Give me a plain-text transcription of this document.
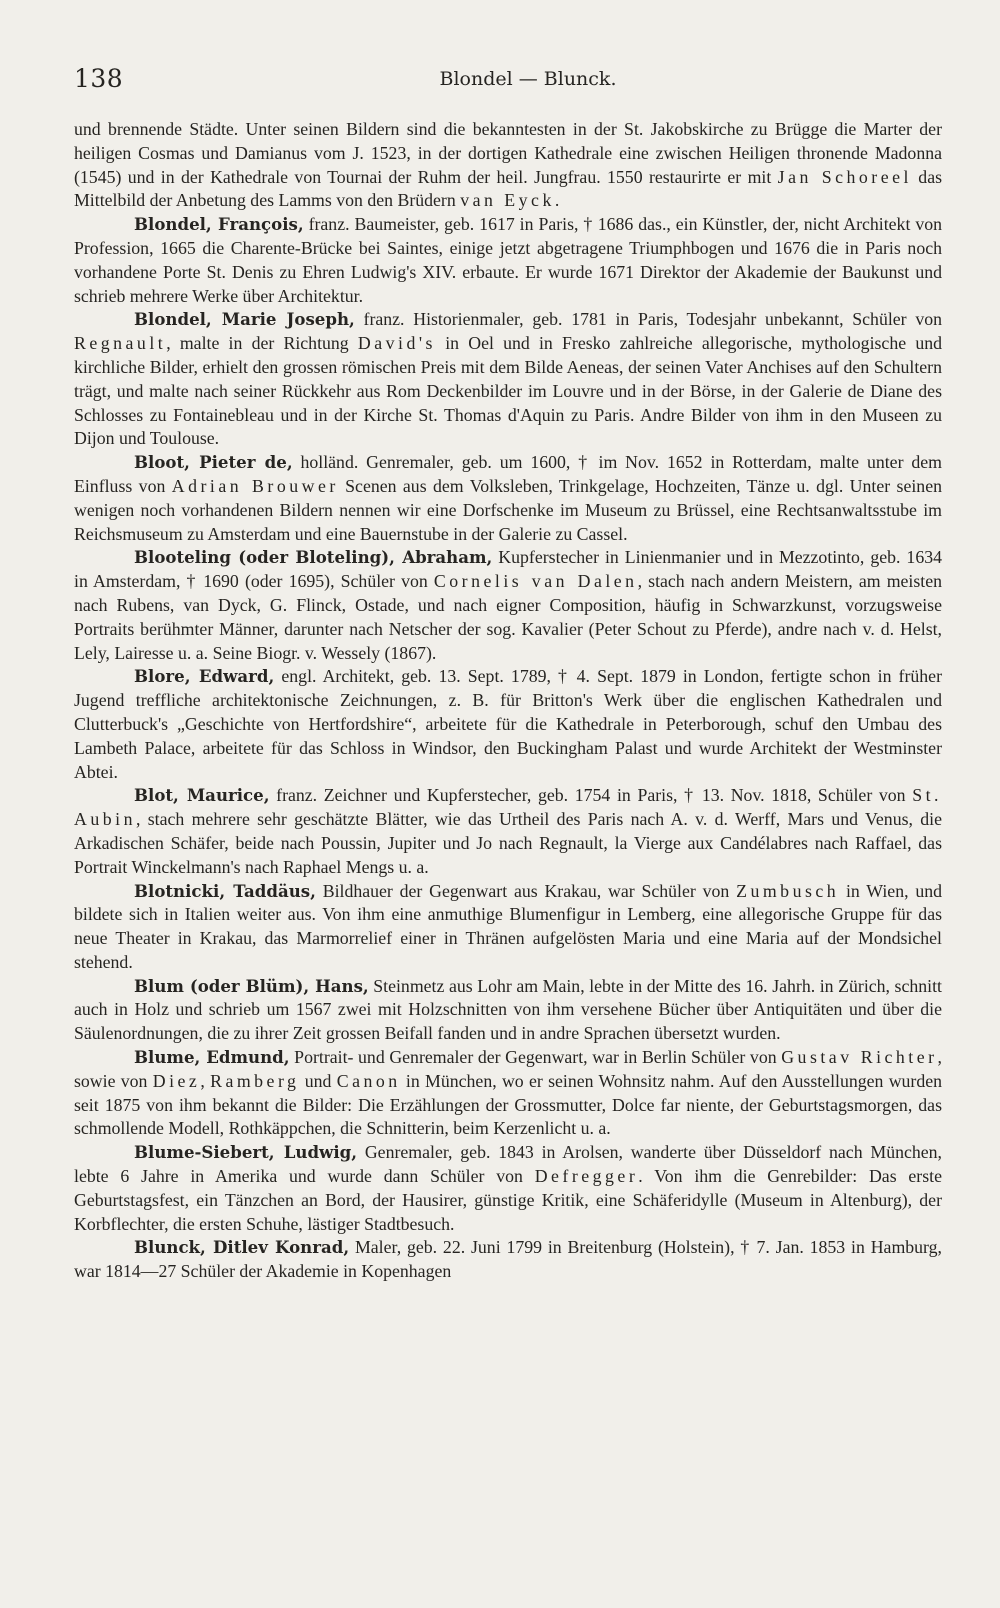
138	Blondel — Blunck.

und brennende Städte. Unter seinen Bildern sind die bekanntesten in der St. Jakobskirche zu Brügge die Marter der heiligen Cosmas und Damianus vom J. 1523, in der dortigen Kathedrale eine zwischen Heiligen thronende Madonna (1545) und in der Kathedrale von Tournai der Ruhm der heil. Jungfrau. 1550 restaurirte er mit Jan Schoreel das Mittelbild der Anbetung des Lamms von den Brüdern van Eyck.

Blondel, François, franz. Baumeister, geb. 1617 in Paris, † 1686 das., ein Künstler, der, nicht Architekt von Profession, 1665 die Charente-Brücke bei Saintes, einige jetzt abgetragene Triumphbogen und 1676 die in Paris noch vorhandene Porte St. Denis zu Ehren Ludwig's XIV. erbaute. Er wurde 1671 Direktor der Akademie der Baukunst und schrieb mehrere Werke über Architektur.

Blondel, Marie Joseph, franz. Historienmaler, geb. 1781 in Paris, Todesjahr unbekannt, Schüler von Regnault, malte in der Richtung David's in Oel und in Fresko zahlreiche allegorische, mythologische und kirchliche Bilder, erhielt den grossen römischen Preis mit dem Bilde Aeneas, der seinen Vater Anchises auf den Schultern trägt, und malte nach seiner Rückkehr aus Rom Deckenbilder im Louvre und in der Börse, in der Galerie de Diane des Schlosses zu Fontainebleau und in der Kirche St. Thomas d'Aquin zu Paris. Andre Bilder von ihm in den Museen zu Dijon und Toulouse.

Bloot, Pieter de, holländ. Genremaler, geb. um 1600, † im Nov. 1652 in Rotterdam, malte unter dem Einfluss von Adrian Brouwer Scenen aus dem Volksleben, Trinkgelage, Hochzeiten, Tänze u. dgl. Unter seinen wenigen noch vorhandenen Bildern nennen wir eine Dorfschenke im Museum zu Brüssel, eine Rechtsanwaltsstube im Reichsmuseum zu Amsterdam und eine Bauernstube in der Galerie zu Cassel.

Blooteling (oder Bloteling), Abraham, Kupferstecher in Linienmanier und in Mezzotinto, geb. 1634 in Amsterdam, † 1690 (oder 1695), Schüler von Cornelis van Dalen, stach nach andern Meistern, am meisten nach Rubens, van Dyck, G. Flinck, Ostade, und nach eigner Composition, häufig in Schwarzkunst, vorzugsweise Portraits berühmter Männer, darunter nach Netscher der sog. Kavalier (Peter Schout zu Pferde), andre nach v. d. Helst, Lely, Lairesse u. a. Seine Biogr. v. Wessely (1867).

Blore, Edward, engl. Architekt, geb. 13. Sept. 1789, † 4. Sept. 1879 in London, fertigte schon in früher Jugend treffliche architektonische Zeichnungen, z. B. für Britton's Werk über die englischen Kathedralen und Clutterbuck's „Geschichte von Hertfordshire“, arbeitete für die Kathedrale in Peterborough, schuf den Umbau des Lambeth Palace, arbeitete für das Schloss in Windsor, den Buckingham Palast und wurde Architekt der Westminster Abtei.

Blot, Maurice, franz. Zeichner und Kupferstecher, geb. 1754 in Paris, † 13. Nov. 1818, Schüler von St. Aubin, stach mehrere sehr geschätzte Blätter, wie das Urtheil des Paris nach A. v. d. Werff, Mars und Venus, die Arkadischen Schäfer, beide nach Poussin, Jupiter und Jo nach Regnault, la Vierge aux Candélabres nach Raffael, das Portrait Winckelmann's nach Raphael Mengs u. a.

Blotnicki, Taddäus, Bildhauer der Gegenwart aus Krakau, war Schüler von Zumbusch in Wien, und bildete sich in Italien weiter aus. Von ihm eine anmuthige Blumenfigur in Lemberg, eine allegorische Gruppe für das neue Theater in Krakau, das Marmorrelief einer in Thränen aufgelösten Maria und eine Maria auf der Mondsichel stehend.

Blum (oder Blüm), Hans, Steinmetz aus Lohr am Main, lebte in der Mitte des 16. Jahrh. in Zürich, schnitt auch in Holz und schrieb um 1567 zwei mit Holzschnitten von ihm versehene Bücher über Antiquitäten und über die Säulenordnungen, die zu ihrer Zeit grossen Beifall fanden und in andre Sprachen übersetzt wurden.

Blume, Edmund, Portrait- und Genremaler der Gegenwart, war in Berlin Schüler von Gustav Richter, sowie von Diez, Ramberg und Canon in München, wo er seinen Wohnsitz nahm. Auf den Ausstellungen wurden seit 1875 von ihm bekannt die Bilder: Die Erzählungen der Grossmutter, Dolce far niente, der Geburtstagsmorgen, das schmollende Modell, Rothkäppchen, die Schnitterin, beim Kerzenlicht u. a.

Blume-Siebert, Ludwig, Genremaler, geb. 1843 in Arolsen, wanderte über Düsseldorf nach München, lebte 6 Jahre in Amerika und wurde dann Schüler von Defregger. Von ihm die Genrebilder: Das erste Geburtstagsfest, ein Tänzchen an Bord, der Hausirer, günstige Kritik, eine Schäferidylle (Museum in Altenburg), der Korbflechter, die ersten Schuhe, lästiger Stadtbesuch.

Blunck, Ditlev Konrad, Maler, geb. 22. Juni 1799 in Breitenburg (Holstein), † 7. Jan. 1853 in Hamburg, war 1814—27 Schüler der Akademie in Kopenhagen
